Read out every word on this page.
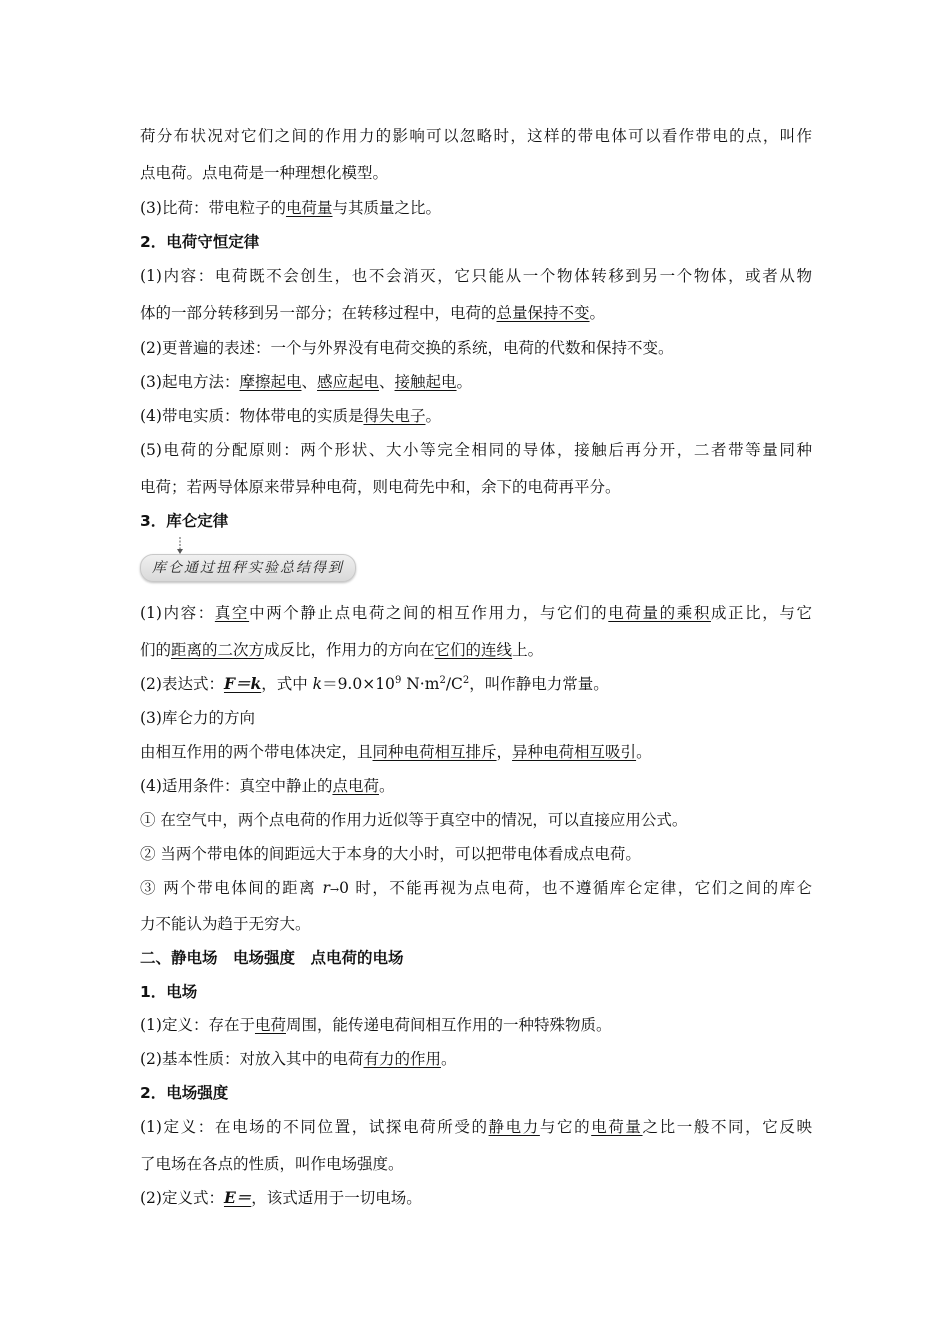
荷分布状况对它们之间的作用力的影响可以忽略时，这样的带电体可以看作带电的点，叫作
点电荷。点电荷是一种理想化模型。
(3)比荷：带电粒子的电荷量与其质量之比。
2．电荷守恒定律
(1)内容：电荷既不会创生，也不会消灭，它只能从一个物体转移到另一个物体，或者从物
体的一部分转移到另一部分；在转移过程中，电荷的总量保持不变。
(2)更普遍的表述：一个与外界没有电荷交换的系统，电荷的代数和保持不变。
(3)起电方法：摩擦起电、感应起电、接触起电。
(4)带电实质：物体带电的实质是得失电子。
(5)电荷的分配原则：两个形状、大小等完全相同的导体，接触后再分开，二者带等量同种
电荷；若两导体原来带异种电荷，则电荷先中和，余下的电荷再平分。
3．库仑定律
库仑通过扭秤实验总结得到
(1)内容：真空中两个静止点电荷之间的相互作用力，与它们的电荷量的乘积成正比，与它
们的距离的二次方成反比，作用力的方向在它们的连线上。
(2)表达式：F＝k，式中 $k=9.0\times 10^9$ $N\cdot m^2/C^2$，叫作静电力常量。
(3)库仑力的方向
由相互作用的两个带电体决定，且同种电荷相互排斥，异种电荷相互吸引。
(4)适用条件：真空中静止的点电荷。
① 在空气中，两个点电荷的作用力近似等于真空中的情况，可以直接应用公式。
② 当两个带电体的间距远大于本身的大小时，可以把带电体看成点电荷。
③ 两个带电体间的距离 r→0 时，不能再视为点电荷，也不遵循库仑定律，它们之间的库仑
力不能认为趋于无穷大。
二、静电场　电场强度　点电荷的电场
1．电场
(1)定义：存在于电荷周围，能传递电荷间相互作用的一种特殊物质。
(2)基本性质：对放入其中的电荷有力的作用。
2．电场强度
(1)定义：在电场的不同位置，试探电荷所受的静电力与它的电荷量之比一般不同，它反映
了电场在各点的性质，叫作电场强度。
(2)定义式：E＝，该式适用于一切电场。
